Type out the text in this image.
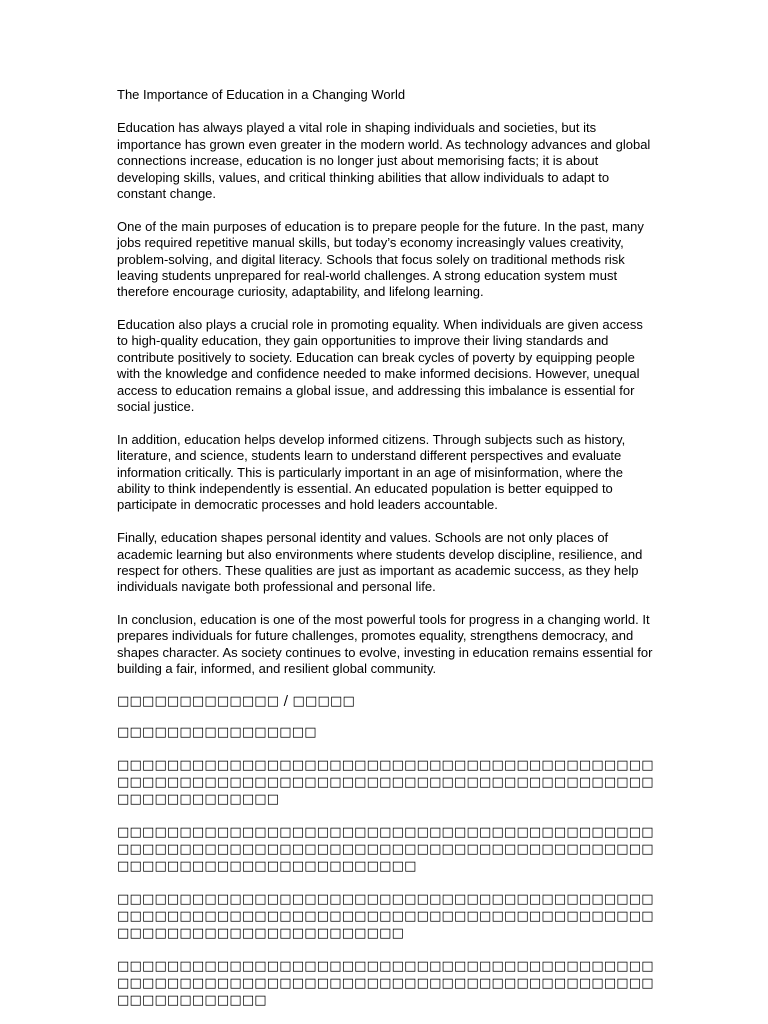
The Importance of Education in a Changing World

Education has always played a vital role in shaping individuals and societies, but its importance has grown even greater in the modern world. As technology advances and global connections increase, education is no longer just about memorising facts; it is about developing skills, values, and critical thinking abilities that allow individuals to adapt to constant change.

One of the main purposes of education is to prepare people for the future. In the past, many jobs required repetitive manual skills, but today’s economy increasingly values creativity, problem-solving, and digital literacy. Schools that focus solely on traditional methods risk leaving students unprepared for real-world challenges. A strong education system must therefore encourage curiosity, adaptability, and lifelong learning.

Education also plays a crucial role in promoting equality. When individuals are given access to high-quality education, they gain opportunities to improve their living standards and contribute positively to society. Education can break cycles of poverty by equipping people with the knowledge and confidence needed to make informed decisions. However, unequal access to education remains a global issue, and addressing this imbalance is essential for social justice.

In addition, education helps develop informed citizens. Through subjects such as history, literature, and science, students learn to understand different perspectives and evaluate information critically. This is particularly important in an age of misinformation, where the ability to think independently is essential. An educated population is better equipped to participate in democratic processes and hold leaders accountable.

Finally, education shapes personal identity and values. Schools are not only places of academic learning but also environments where students develop discipline, resilience, and respect for others. These qualities are just as important as academic success, as they help individuals navigate both professional and personal life.

In conclusion, education is one of the most powerful tools for progress in a changing world. It prepares individuals for future challenges, promotes equality, strengthens democracy, and shapes character. As society continues to evolve, investing in education remains essential for building a fair, informed, and resilient global community.

□□□□□□□□□□□□□ / □□□□□
□□□□□□□□□□□□□□□□

□□□□□□□□□□□□□□□□□□□□□□□□□□□□□□□□□□□□□□□□□□□□□□□□□□□□□□□□□□□□□□□□□□□□□□□□□□□□□□□□□□□□□□□□□□□□□□□□□□□

□□□□□□□□□□□□□□□□□□□□□□□□□□□□□□□□□□□□□□□□□□□□□□□□□□□□□□□□□□□□□□□□□□□□□□□□□□□□□□□□□□□□□□□□□□□□□□□□□□□□□□□□□□□□□□

□□□□□□□□□□□□□□□□□□□□□□□□□□□□□□□□□□□□□□□□□□□□□□□□□□□□□□□□□□□□□□□□□□□□□□□□□□□□□□□□□□□□□□□□□□□□□□□□□□□□□□□□□□□□□

□□□□□□□□□□□□□□□□□□□□□□□□□□□□□□□□□□□□□□□□□□□□□□□□□□□□□□□□□□□□□□□□□□□□□□□□□□□□□□□□□□□□□□□□□□□□□□□□□□
